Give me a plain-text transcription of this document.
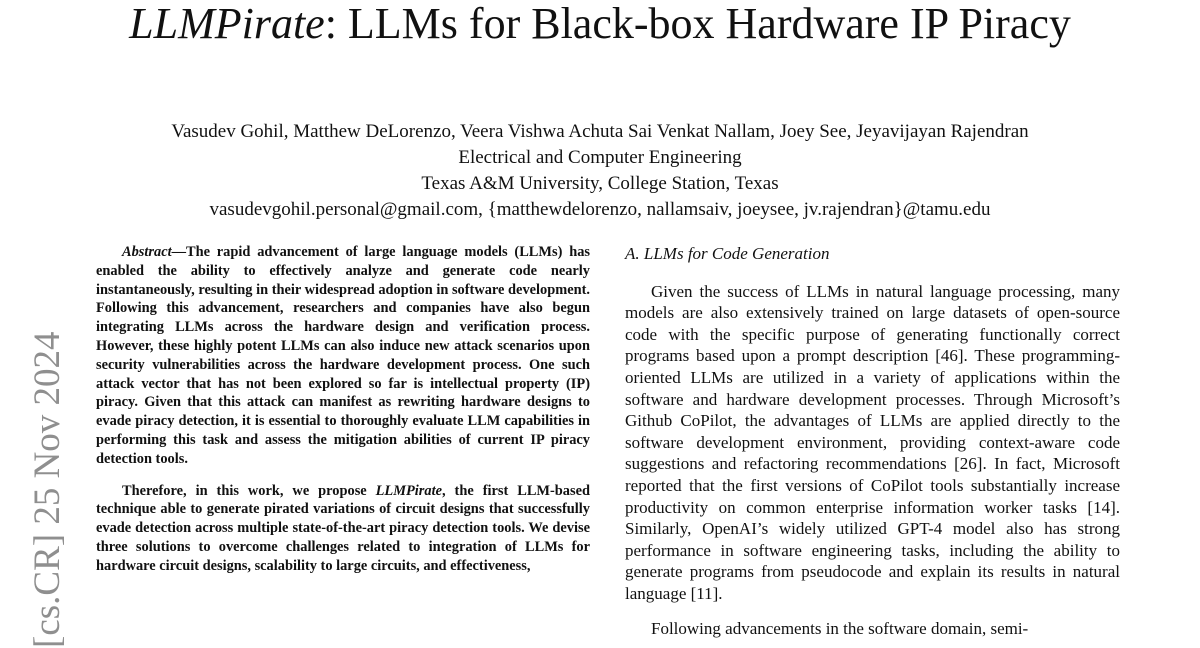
[cs.CR] 25 Nov 2024
LLMPirate: LLMs for Black-box Hardware IP Piracy
Vasudev Gohil, Matthew DeLorenzo, Veera Vishwa Achuta Sai Venkat Nallam, Joey See, Jeyavijayan Rajendran
Electrical and Computer Engineering
Texas A&M University, College Station, Texas
vasudevgohil.personal@gmail.com, {matthewdelorenzo, nallamsaiv, joeysee, jv.rajendran}@tamu.edu

Abstract—The rapid advancement of large language models (LLMs) has enabled the ability to effectively analyze and generate code nearly instantaneously, resulting in their widespread adoption in software development. Following this advancement, researchers and companies have also begun integrating LLMs across the hardware design and verification process. However, these highly potent LLMs can also induce new attack scenarios upon security vulnerabilities across the hardware development process. One such attack vector that has not been explored so far is intellectual property (IP) piracy. Given that this attack can manifest as rewriting hardware designs to evade piracy detection, it is essential to thoroughly evaluate LLM capabilities in performing this task and assess the mitigation abilities of current IP piracy detection tools.

Therefore, in this work, we propose LLMPirate, the first LLM-based technique able to generate pirated variations of circuit designs that successfully evade detection across multiple state-of-the-art piracy detection tools. We devise three solutions to overcome challenges related to integration of LLMs for hardware circuit designs, scalability to large circuits, and effectiveness,

A. LLMs for Code Generation

Given the success of LLMs in natural language processing, many models are also extensively trained on large datasets of open-source code with the specific purpose of generating functionally correct programs based upon a prompt description [46]. These programming-oriented LLMs are utilized in a variety of applications within the software and hardware development processes. Through Microsoft’s Github CoPilot, the advantages of LLMs are applied directly to the software development environment, providing context-aware code suggestions and refactoring recommendations [26]. In fact, Microsoft reported that the first versions of CoPilot tools substantially increase productivity on common enterprise information worker tasks [14]. Similarly, OpenAI’s widely utilized GPT-4 model also has strong performance in software engineering tasks, including the ability to generate programs from pseudocode and explain its results in natural language [11].

Following advancements in the software domain, semi-
